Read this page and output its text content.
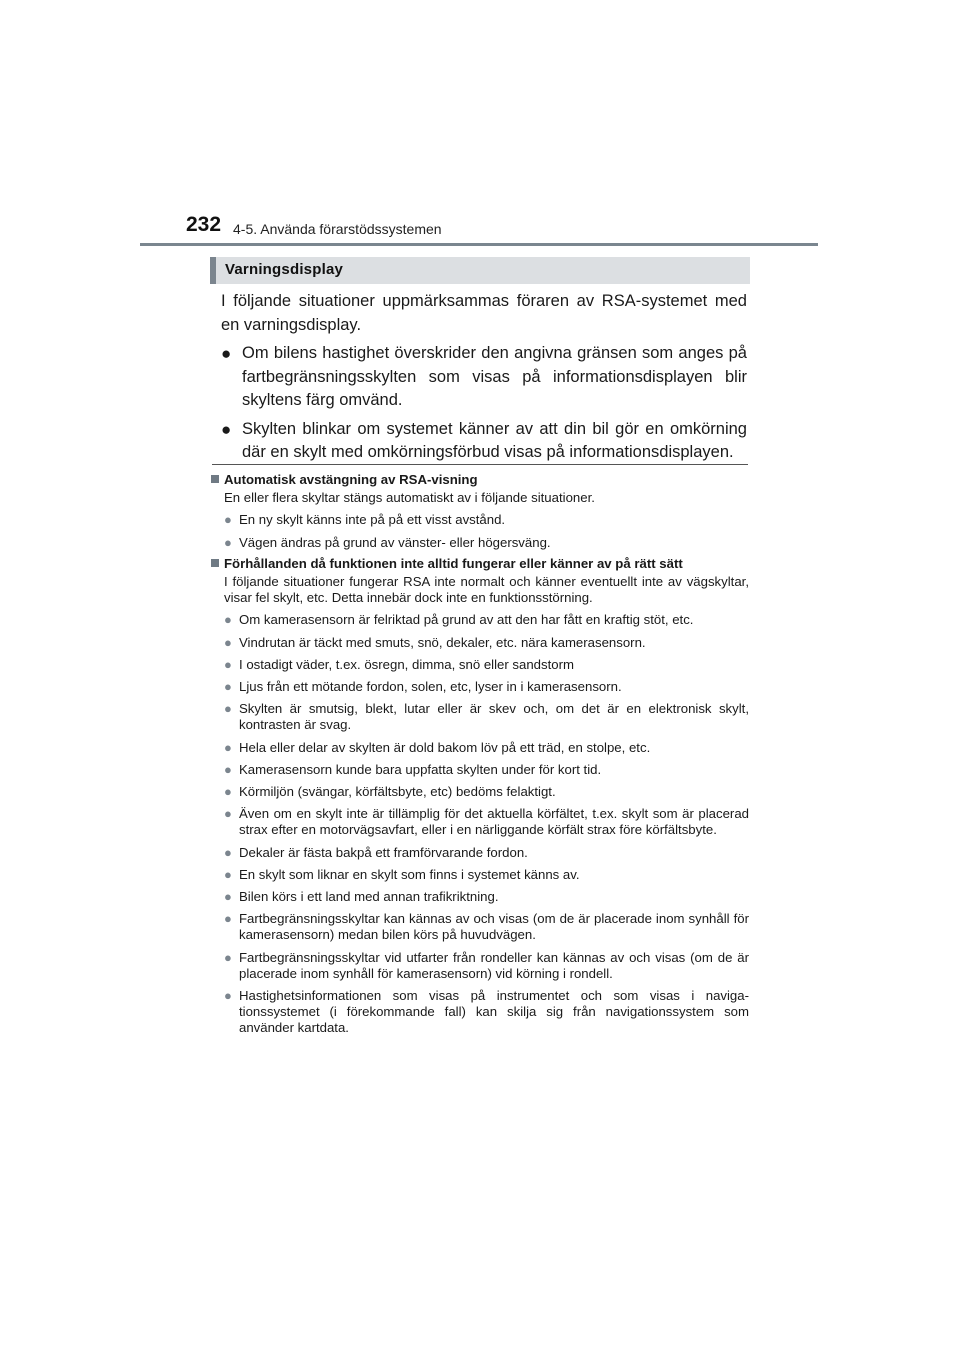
232 4-5. Använda förarstödssystemen
Varningsdisplay

I följande situationer uppmärksammas föraren av RSA-systemet med en varningsdisplay.

● Om bilens hastighet överskrider den angivna gränsen som anges på fartbegränsningsskylten som visas på informationsdisplayen blir skyltens färg omvänd.

● Skylten blinkar om systemet känner av att din bil gör en omkörning där en skylt med omkörningsförbud visas på informationsdisplayen.

Automatisk avstängning av RSA-visning
En eller flera skyltar stängs automatiskt av i följande situationer.
● En ny skylt känns inte på på ett visst avstånd.
● Vägen ändras på grund av vänster- eller högersväng.
Förhållanden då funktionen inte alltid fungerar eller känner av på rätt sätt
I följande situationer fungerar RSA inte normalt och känner eventuellt inte av vägskyltar, visar fel skylt, etc. Detta innebär dock inte en funktionsstörning.
● Om kamerasensorn är felriktad på grund av att den har fått en kraftig stöt, etc.
● Vindrutan är täckt med smuts, snö, dekaler, etc. nära kamerasensorn.
● I ostadigt väder, t.ex. ösregn, dimma, snö eller sandstorm
● Ljus från ett mötande fordon, solen, etc, lyser in i kamerasensorn.
● Skylten är smutsig, blekt, lutar eller är skev och, om det är en elektronisk skylt, kontrasten är svag.
● Hela eller delar av skylten är dold bakom löv på ett träd, en stolpe, etc.
● Kamerasensorn kunde bara uppfatta skylten under för kort tid.
● Körmiljön (svängar, körfältsbyte, etc) bedöms felaktigt.
● Även om en skylt inte är tillämplig för det aktuella körfältet, t.ex. skylt som är placerad strax efter en motorvägsavfart, eller i en närliggande körfält strax före körfältsbyte.
● Dekaler är fästa bakpå ett framförvarande fordon.
● En skylt som liknar en skylt som finns i systemet känns av.
● Bilen körs i ett land med annan trafikriktning.
● Fartbegränsningsskyltar kan kännas av och visas (om de är placerade inom synhåll för kamerasensorn) medan bilen körs på huvudvägen.
● Fartbegränsningsskyltar vid utfarter från rondeller kan kännas av och visas (om de är placerade inom synhåll för kamerasensorn) vid körning i rondell.
● Hastighetsinformationen som visas på instrumentet och som visas i naviga- tionssystemet (i förekommande fall) kan skilja sig från navigationssystem som använder kartdata.
